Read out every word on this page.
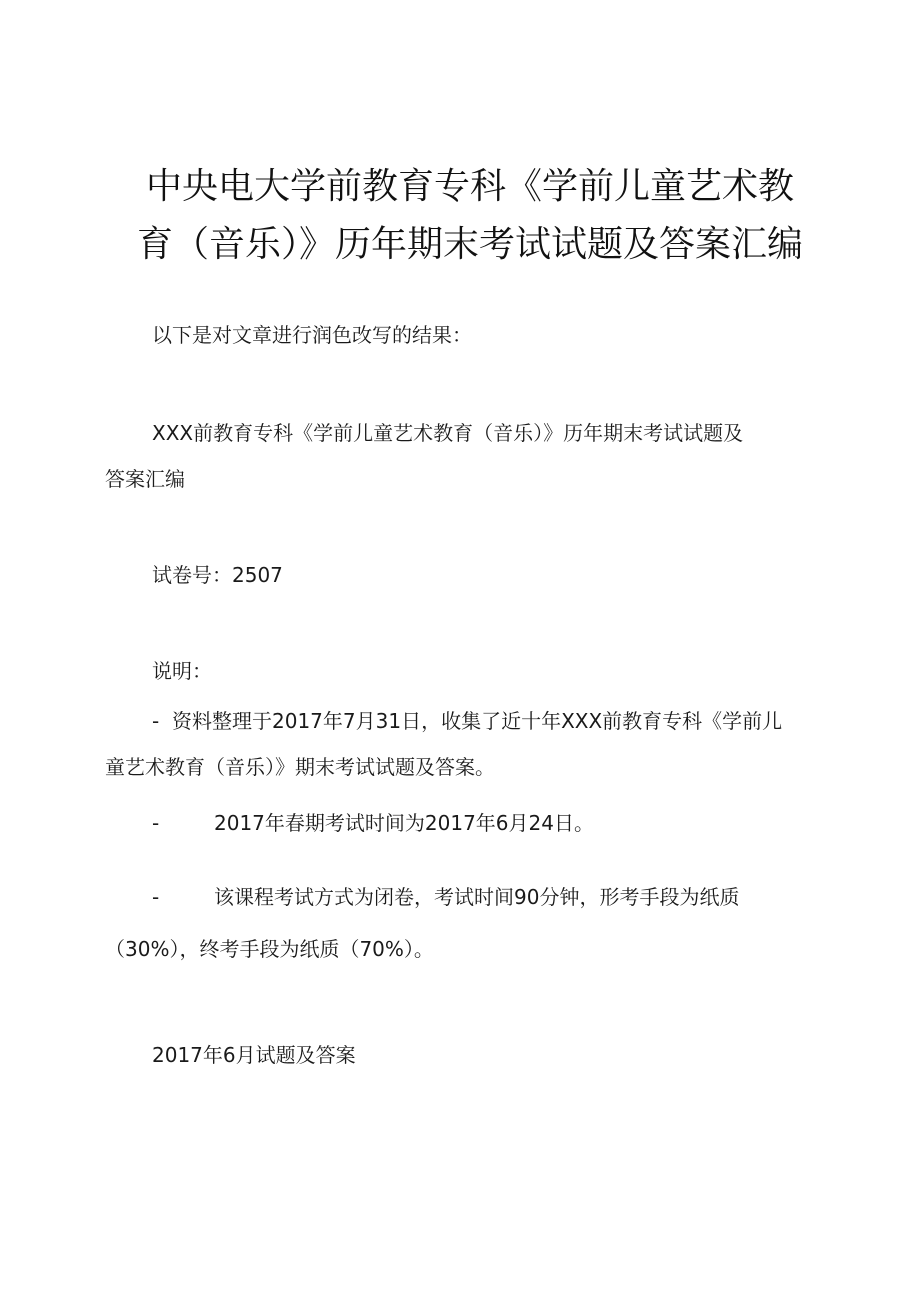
中央电大学前教育专科《学前儿童艺术教
育（音乐）》历年期末考试试题及答案汇编

以下是对文章进行润色改写的结果：

XXX前教育专科《学前儿童艺术教育（音乐）》历年期末考试试题及
答案汇编

试卷号：2507

说明：

- 资料整理于2017年7月31日，收集了近十年XXX前教育专科《学前儿
童艺术教育（音乐）》期末考试试题及答案。
-	2017年春期考试时间为2017年6月24日。
-	该课程考试方式为闭卷，考试时间90分钟，形考手段为纸质
（30%），终考手段为纸质（70%）。

2017年6月试题及答案
